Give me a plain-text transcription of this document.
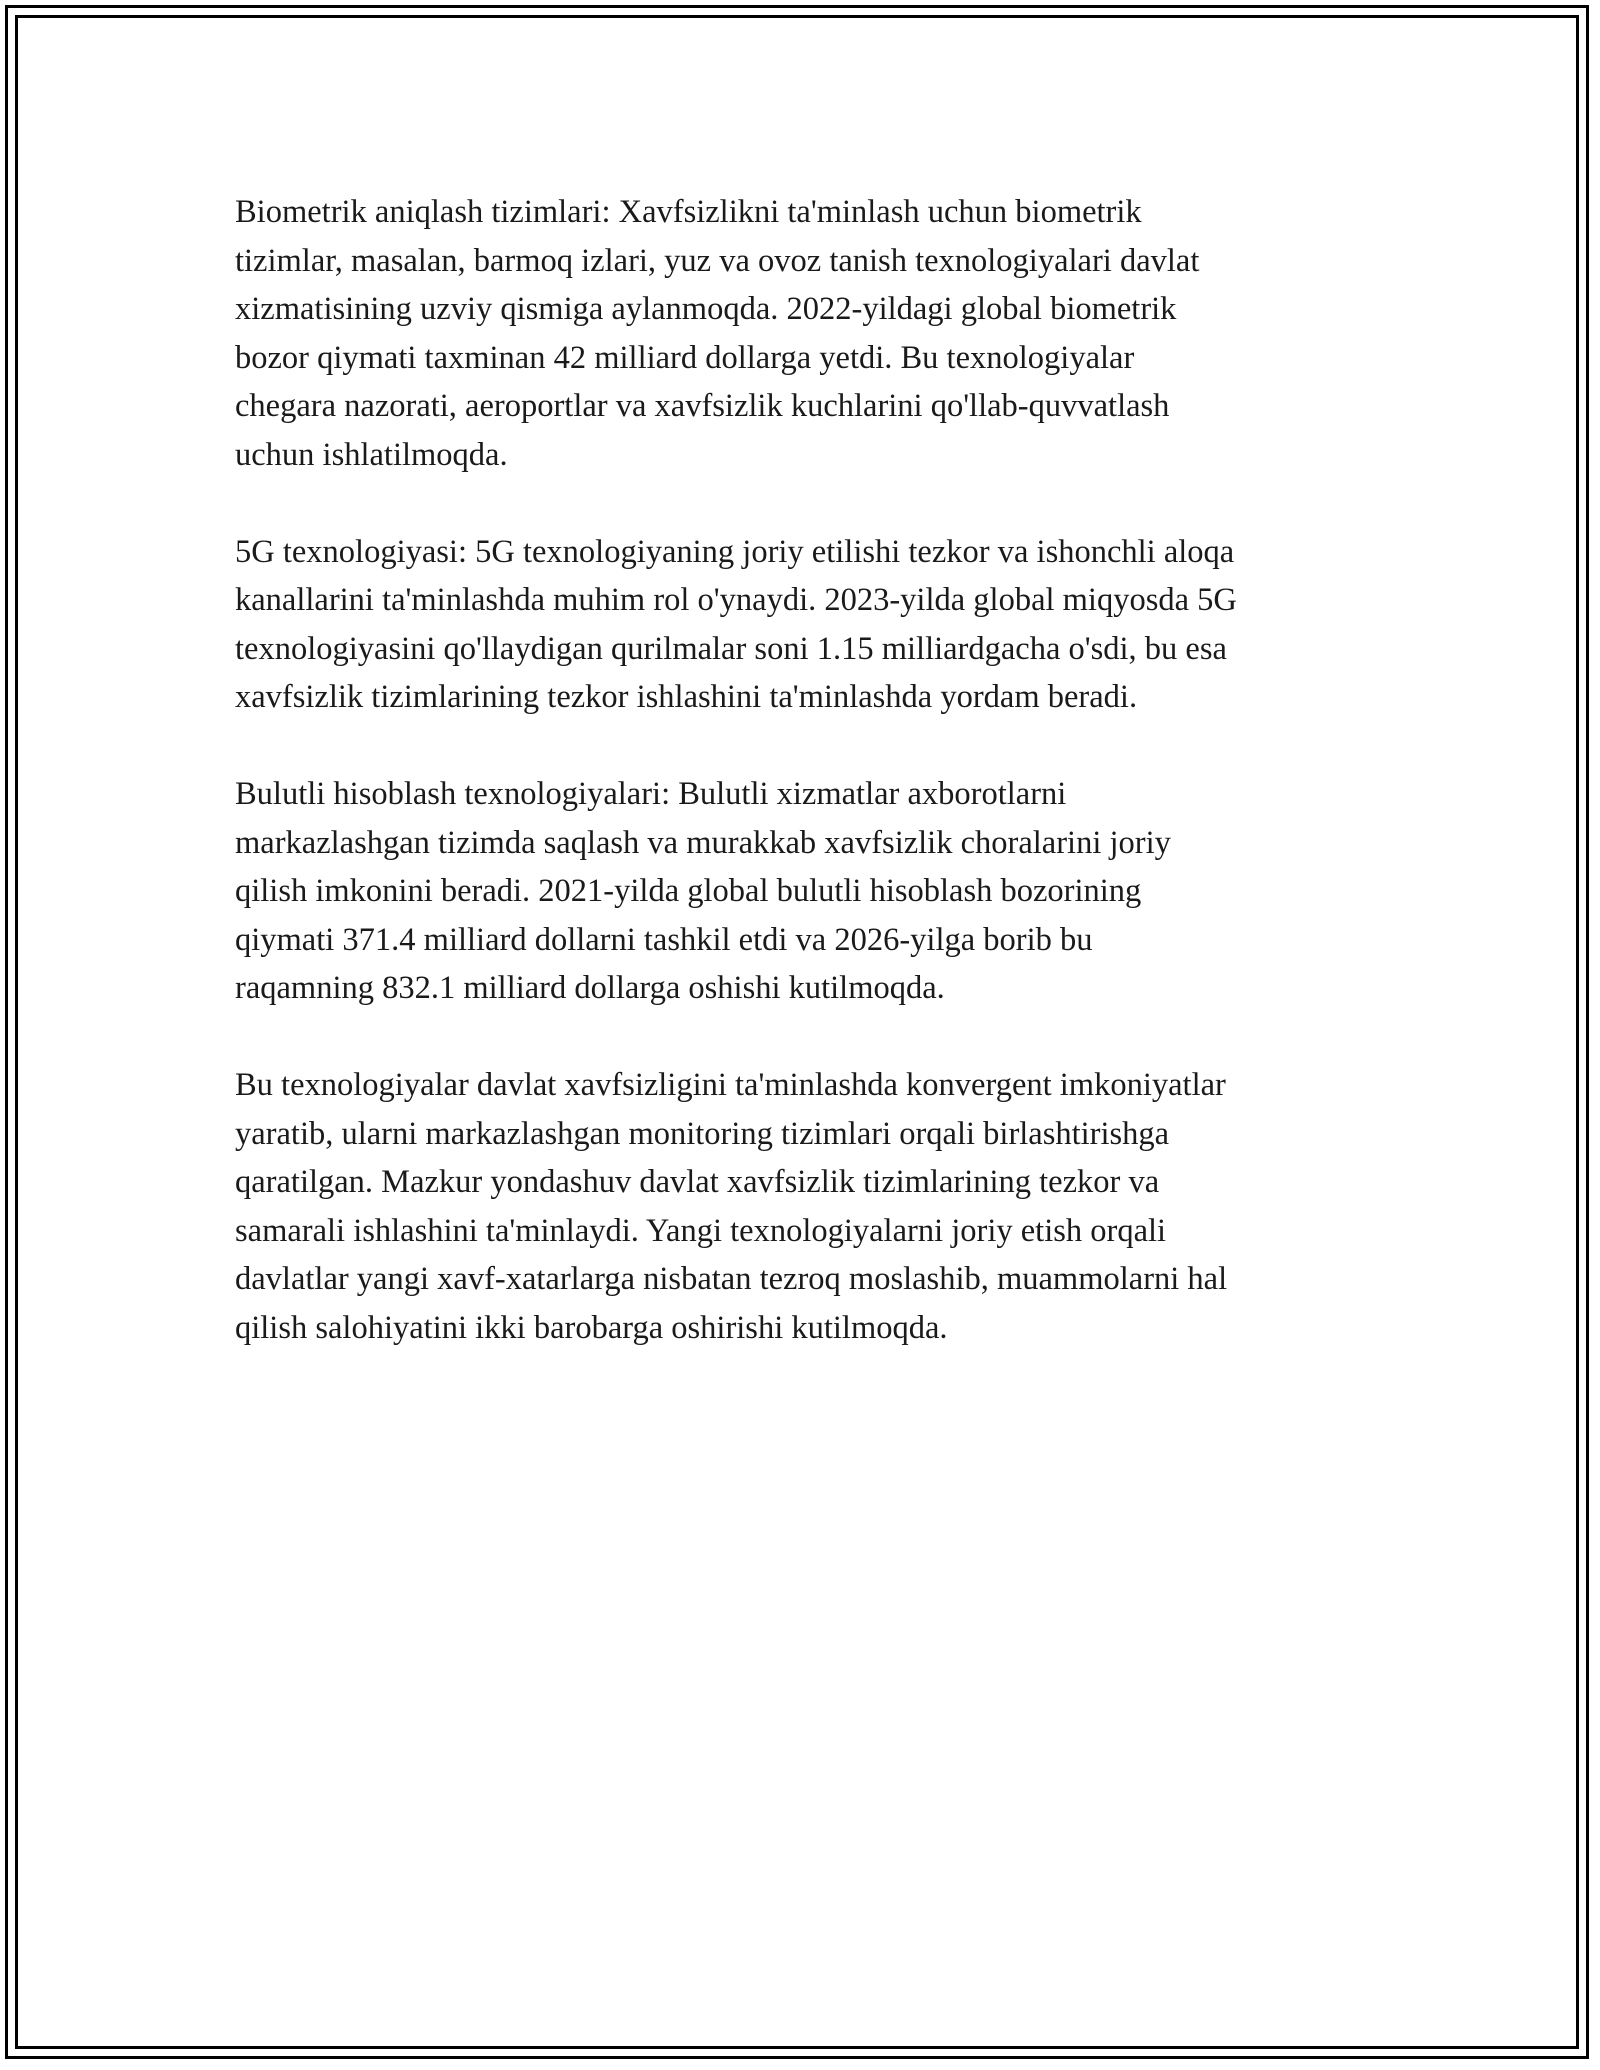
Biometrik aniqlash tizimlari: Xavfsizlikni ta'minlash uchun biometrik
tizimlar, masalan, barmoq izlari, yuz va ovoz tanish texnologiyalari davlat
xizmatisining uzviy qismiga aylanmoqda. 2022-yildagi global biometrik
bozor qiymati taxminan 42 milliard dollarga yetdi. Bu texnologiyalar
chegara nazorati, aeroportlar va xavfsizlik kuchlarini qo'llab-quvvatlash
uchun ishlatilmoqda.

5G texnologiyasi: 5G texnologiyaning joriy etilishi tezkor va ishonchli aloqa
kanallarini ta'minlashda muhim rol o'ynaydi. 2023-yilda global miqyosda 5G
texnologiyasini qo'llaydigan qurilmalar soni 1.15 milliardgacha o'sdi, bu esa
xavfsizlik tizimlarining tezkor ishlashini ta'minlashda yordam beradi.

Bulutli hisoblash texnologiyalari: Bulutli xizmatlar axborotlarni
markazlashgan tizimda saqlash va murakkab xavfsizlik choralarini joriy
qilish imkonini beradi. 2021-yilda global bulutli hisoblash bozorining
qiymati 371.4 milliard dollarni tashkil etdi va 2026-yilga borib bu
raqamning 832.1 milliard dollarga oshishi kutilmoqda.

Bu texnologiyalar davlat xavfsizligini ta'minlashda konvergent imkoniyatlar
yaratib, ularni markazlashgan monitoring tizimlari orqali birlashtirishga
qaratilgan. Mazkur yondashuv davlat xavfsizlik tizimlarining tezkor va
samarali ishlashini ta'minlaydi. Yangi texnologiyalarni joriy etish orqali
davlatlar yangi xavf-xatarlarga nisbatan tezroq moslashib, muammolarni hal
qilish salohiyatini ikki barobarga oshirishi kutilmoqda.
